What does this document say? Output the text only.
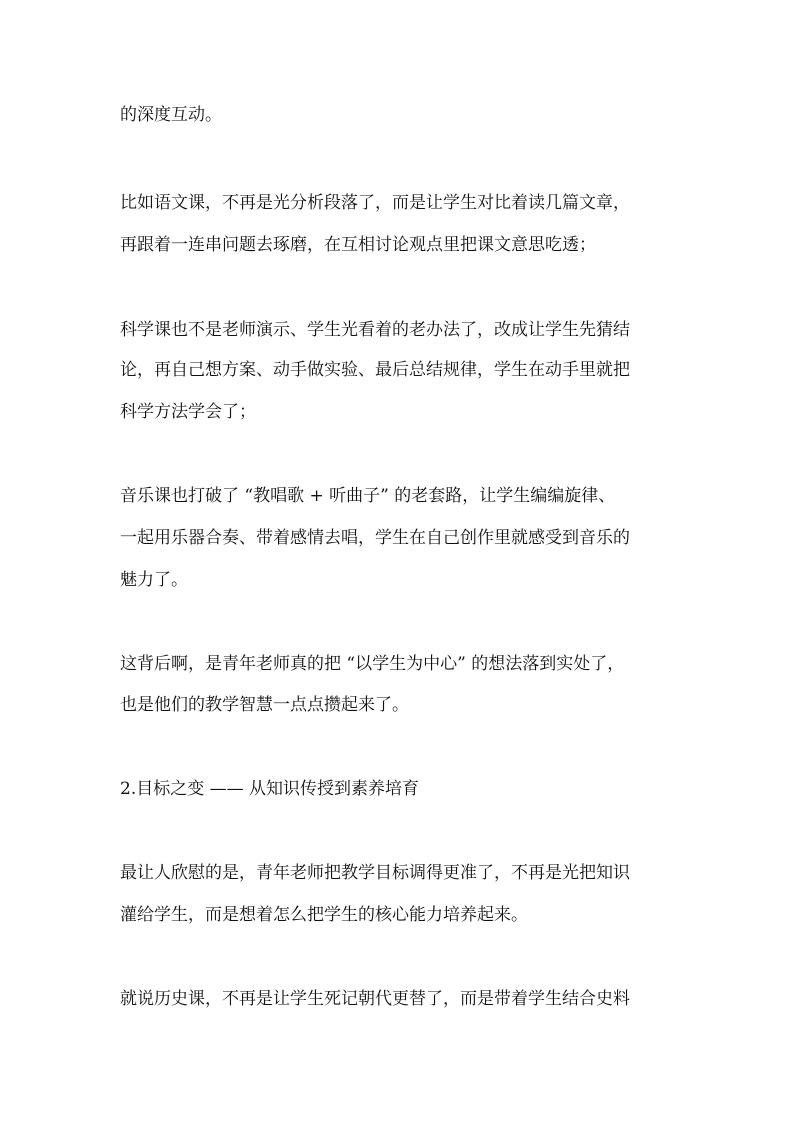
的深度互动。
比如语文课，不再是光分析段落了，而是让学生对比着读几篇文章，
再跟着一连串问题去琢磨，在互相讨论观点里把课文意思吃透；
科学课也不是老师演示、学生光看着的老办法了，改成让学生先猜结
论，再自己想方案、动手做实验、最后总结规律，学生在动手里就把
科学方法学会了；
音乐课也打破了 “教唱歌 + 听曲子” 的老套路，让学生编编旋律、
一起用乐器合奏、带着感情去唱，学生在自己创作里就感受到音乐的
魅力了。
这背后啊，是青年老师真的把 “以学生为中心” 的想法落到实处了，
也是他们的教学智慧一点点攒起来了。
2.目标之变 —— 从知识传授到素养培育
最让人欣慰的是，青年老师把教学目标调得更准了，不再是光把知识
灌给学生，而是想着怎么把学生的核心能力培养起来。
就说历史课，不再是让学生死记朝代更替了，而是带着学生结合史料
